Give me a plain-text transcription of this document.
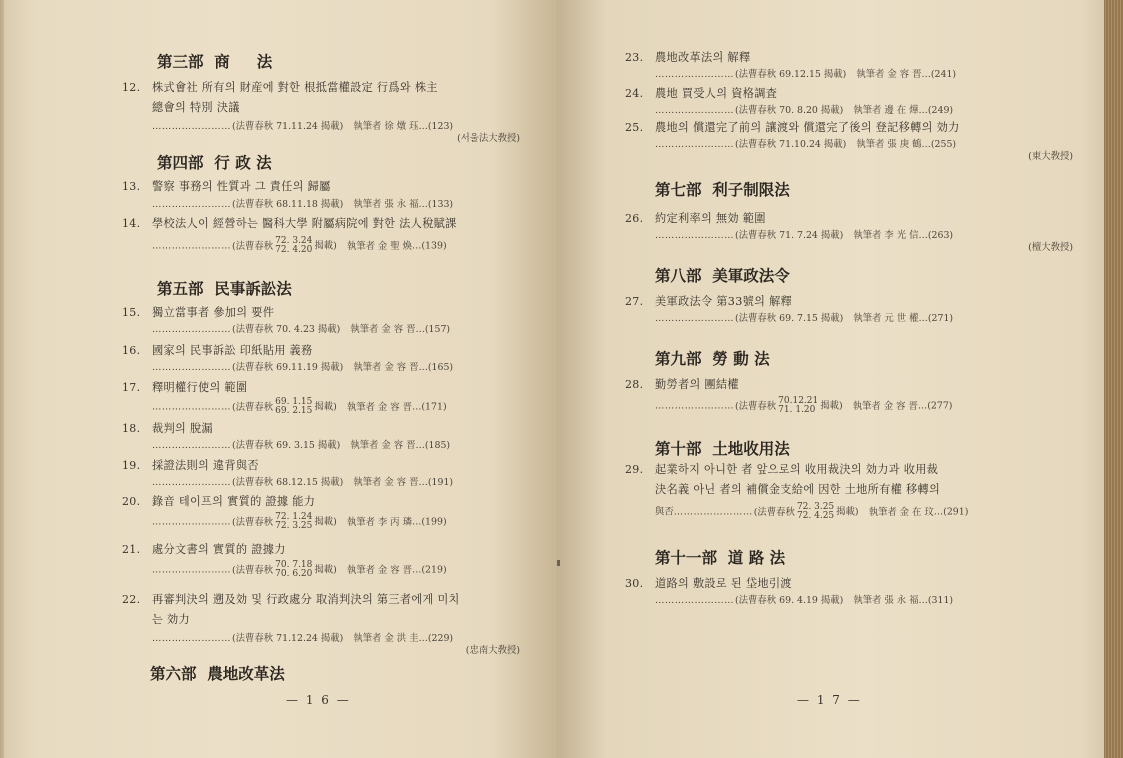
第三部  商     法
12. 株式會社 所有의 財産에 對한 根抵當權設定 行爲와 株主
總會의 特別 決議
……………………(法曹春秋 71.11.24 揭載) 執筆者 徐 燉 珏…(123)
(서울法大敎授)
第四部  行 政 法
13. 警察 事務의 性質과 그 責任의 歸屬
……………………(法曹春秋 68.11.18 揭載) 執筆者 張 永 福…(133)
14. 學校法人이 經營하는 醫科大學 附屬病院에 對한 法人稅賦課
……………………(法曹春秋 72. 3.24
72. 4.20 揭載) 執筆者 金 聖 煥…(139)
第五部  民事訴訟法
15. 獨立當事者 參加의 要件
……………………(法曹春秋 70. 4.23 揭載) 執筆者 金 容 晋…(157)
16. 國家의 民事訴訟 印紙貼用 義務
……………………(法曹春秋 69.11.19 揭載) 執筆者 金 容 晋…(165)
17. 釋明權行使의 範圍
……………………(法曹春秋 69. 1.15
69. 2.15 揭載) 執筆者 金 容 晋…(171)
18. 裁判의 脫漏
……………………(法曹春秋 69. 3.15 揭載) 執筆者 金 容 晋…(185)
19. 採證法則의 違背與否
……………………(法曹春秋 68.12.15 揭載) 執筆者 金 容 晋…(191)
20. 錄音 테이프의 實質的 證據 能力
……………………(法曹春秋 72. 1.24
72. 3.25 揭載) 執筆者 李 丙 璘…(199)
21. 處分文書의 實質的 證據力
……………………(法曹春秋 70. 7.18
70. 6.20 揭載) 執筆者 金 容 晋…(219)
22. 再審判決의 遡及効 및 行政處分 取消判決의 第三者에게 미치
는 効力
……………………(法曹春秋 71.12.24 揭載) 執筆者 金 洪 圭…(229)
(忠南大敎授)
第六部  農地改革法
— 1 6 —
23. 農地改革法의 解釋
……………………(法曹春秋 69.12.15 揭載) 執筆者 金 容 晋…(241)
24. 農地 買受人의 資格調査
……………………(法曹春秋 70. 8.20 揭載) 執筆者 邊 在 燁…(249)
25. 農地의 償還完了前의 讓渡와 償還完了後의 登記移轉의 効力
……………………(法曹春秋 71.10.24 揭載) 執筆者 張 庚 鶴…(255)
(東大敎授)
第七部  利子制限法
26. 約定利率의 無効 範圍
……………………(法曹春秋 71. 7.24 揭載) 執筆者 李 光 信…(263)
(檀大敎授)
第八部  美軍政法令
27. 美軍政法令 第33號의 解釋
……………………(法曹春秋 69. 7.15 揭載) 執筆者 元 世 權…(271)
第九部  勞 動 法
28. 勤勞者의 團結權
……………………(法曹春秋 70.12.21
71. 1.20 揭載) 執筆者 金 容 晋…(277)
第十部  土地收用法
29. 起業하지 아니한 者 앞으로의 收用裁決의 効力과 收用裁
決名義 아닌 者의 補償金支給에 因한 土地所有權 移轉의
與否……………………(法曹春秋 72. 3.25
72. 4.25 揭載) 執筆者 金 在 玟…(291)
第十一部  道 路 法
30. 道路의 敷設로 된 垈地引渡
……………………(法曹春秋 69. 4.19 揭載) 執筆者 張 永 福…(311)
— 1 7 —
